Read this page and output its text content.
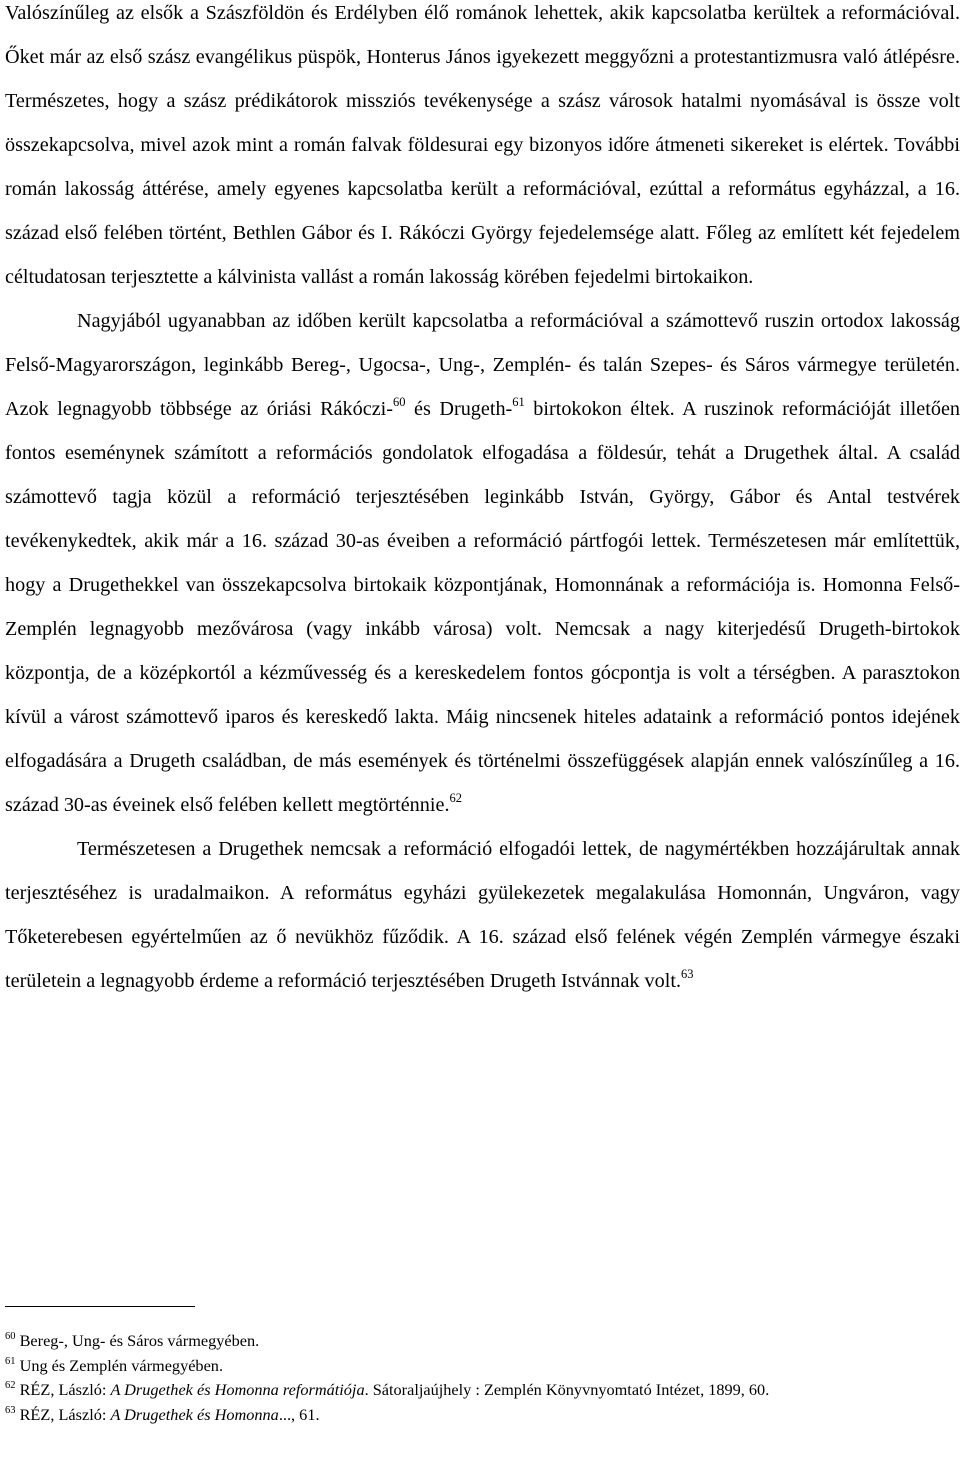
Valószínűleg az elsők a Szászföldön és Erdélyben élő románok lehettek, akik kapcsolatba kerültek a reformációval. Őket már az első szász evangélikus püspök, Honterus János igyekezett meggyőzni a protestantizmusra való átlépésre. Természetes, hogy a szász prédikátorok missziós tevékenysége a szász városok hatalmi nyomásával is össze volt összekapcsolva, mivel azok mint a román falvak földesurai egy bizonyos időre átmeneti sikereket is elértek. További román lakosság áttérése, amely egyenes kapcsolatba került a reformációval, ezúttal a református egyházzal, a 16. század első felében történt, Bethlen Gábor és I. Rákóczi György fejedelemsége alatt. Főleg az említett két fejedelem céltudatosan terjesztette a kálvinista vallást a román lakosság körében fejedelmi birtokaikon.

Nagyjából ugyanabban az időben került kapcsolatba a reformációval a számottevő ruszin ortodox lakosság Felső-Magyarországon, leginkább Bereg-, Ugocsa-, Ung-, Zemplén- és talán Szepes- és Sáros vármegye területén. Azok legnagyobb többsége az óriási Rákóczi-$^{60}$ és Drugeth-$^{61}$ birtokokon éltek. A ruszinok reformációját illetően fontos eseménynek számított a reformációs gondolatok elfogadása a földesúr, tehát a Drugethek által. A család számottevő tagja közül a reformáció terjesztésében leginkább István, György, Gábor és Antal testvérek tevékenykedtek, akik már a 16. század 30-as éveiben a reformáció pártfogói lettek. Természetesen már említettük, hogy a Drugethekkel van összekapcsolva birtokaik központjának, Homonnának a reformációja is. Homonna Felső-Zemplén legnagyobb mezővárosa (vagy inkább városa) volt. Nemcsak a nagy kiterjedésű Drugeth-birtokok központja, de a középkortól a kézművesség és a kereskedelem fontos gócpontja is volt a térségben. A parasztokon kívül a várost számottevő iparos és kereskedő lakta. Máig nincsenek hiteles adataink a reformáció pontos idejének elfogadására a Drugeth családban, de más események és történelmi összefüggések alapján ennek valószínűleg a 16. század 30-as éveinek első felében kellett megtörténnie.$^{62}$

Természetesen a Drugethek nemcsak a reformáció elfogadói lettek, de nagymértékben hozzájárultak annak terjesztéséhez is uradalmaikon. A református egyházi gyülekezetek megalakulása Homonnán, Ungváron, vagy Tőketerebesen egyértelműen az ő nevükhöz fűződik. A 16. század első felének végén Zemplén vármegye északi területein a legnagyobb érdeme a reformáció terjesztésében Drugeth Istvánnak volt.$^{63}$

$^{60}$ Bereg-, Ung- és Sáros vármegyében.

$^{61}$ Ung és Zemplén vármegyében.

$^{62}$ RÉZ, László: A Drugethek és Homonna reformátiója. Sátoraljaújhely : Zemplén Könyvnyomtató Intézet, 1899, 60.

$^{63}$ RÉZ, László: A Drugethek és Homonna..., 61.
